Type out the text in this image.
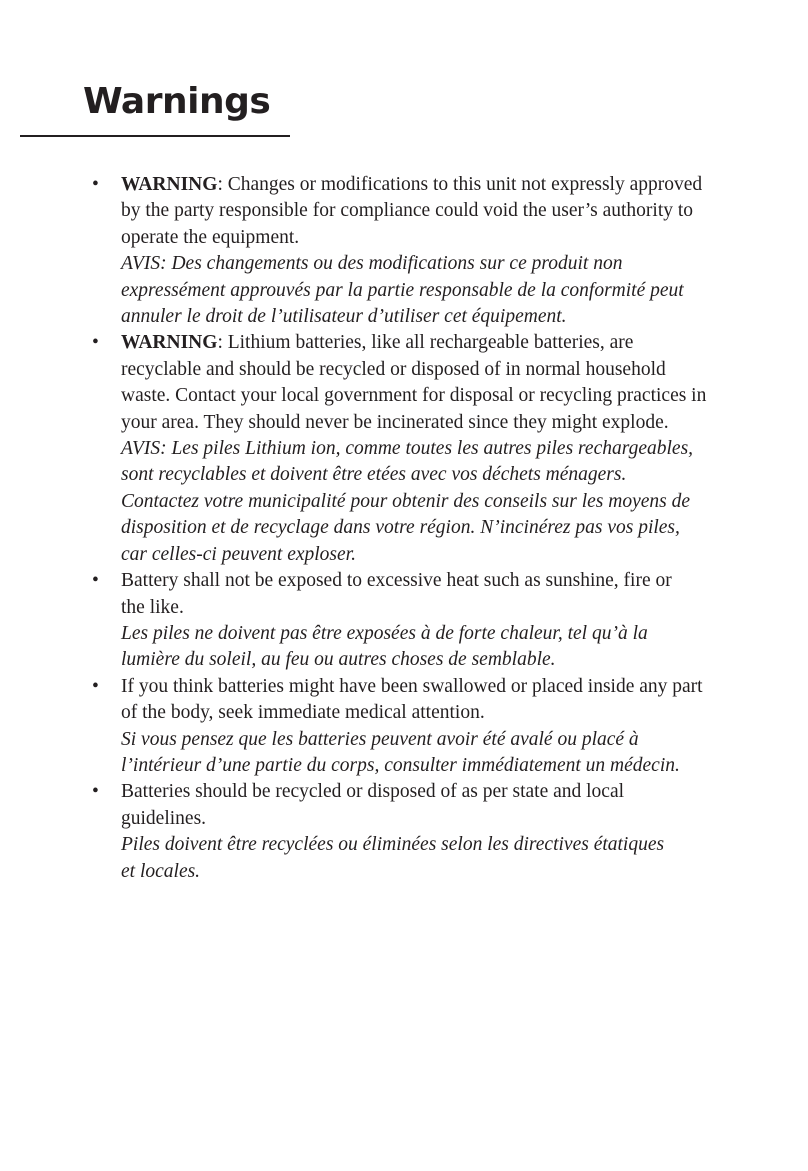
Warnings
•	WARNING: Changes or modifications to this unit not expressly approved
by the party responsible for compliance could void the user’s authority to
operate the equipment.
AVIS: Des changements ou des modifications sur ce produit non
expressément approuvés par la partie responsable de la conformité peut
annuler le droit de l’utilisateur d’utiliser cet équipement.
•	WARNING: Lithium batteries, like all rechargeable batteries, are
recyclable and should be recycled or disposed of in normal household
waste. Contact your local government for disposal or recycling practices in
your area. They should never be incinerated since they might explode.
AVIS: Les piles Lithium ion, comme toutes les autres piles rechargeables,
sont recyclables et doivent être etées avec vos déchets ménagers.
Contactez votre municipalité pour obtenir des conseils sur les moyens de
disposition et de recyclage dans votre région. N’incinérez pas vos piles,
car celles-ci peuvent exploser.
•	Battery shall not be exposed to excessive heat such as sunshine, fire or
the like.
Les piles ne doivent pas être exposées à de forte chaleur, tel qu’à la
lumière du soleil, au feu ou autres choses de semblable.
•	If you think batteries might have been swallowed or placed inside any part
of the body, seek immediate medical attention.
Si vous pensez que les batteries peuvent avoir été avalé ou placé à
l’intérieur d’une partie du corps, consulter immédiatement un médecin.
•	Batteries should be recycled or disposed of as per state and local
guidelines.
Piles doivent être recyclées ou éliminées selon les directives étatiques
et locales.
